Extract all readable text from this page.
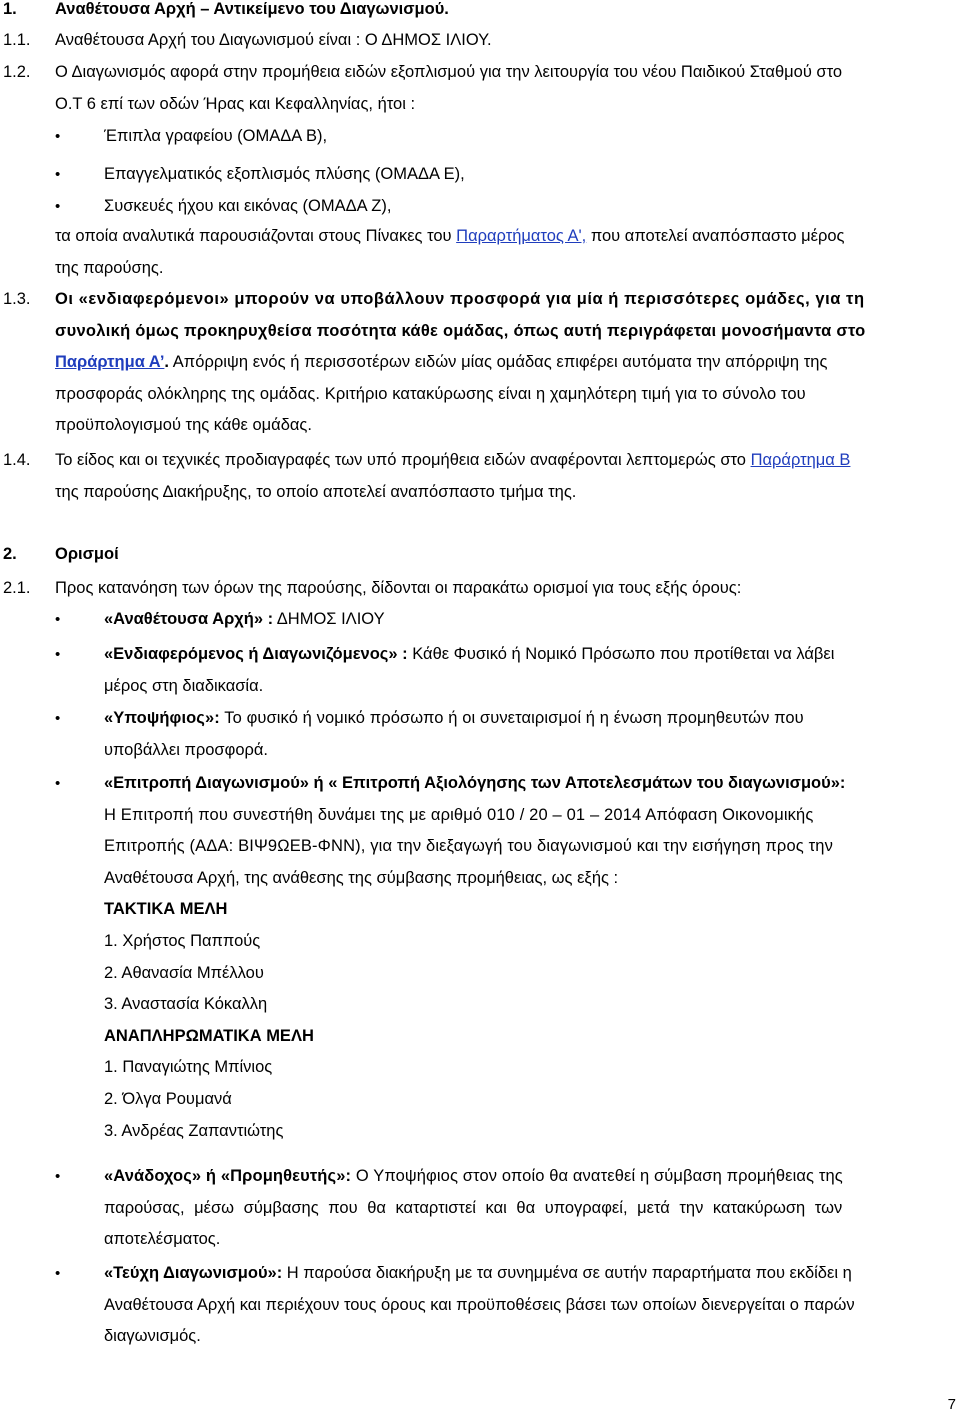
1. Αναθέτουσα Αρχή – Αντικείμενο του Διαγωνισμού.
1.1. Αναθέτουσα Αρχή του Διαγωνισμού είναι : Ο ΔΗΜΟΣ ΙΛΙΟΥ.
1.2. Ο Διαγωνισμός αφορά στην προμήθεια ειδών εξοπλισμού για την λειτουργία του νέου Παιδικού Σταθμού στο
Ο.Τ 6 επί των οδών Ήρας και Κεφαλληνίας, ήτοι :
•
Έπιπλα γραφείου (ΟΜΑΔΑ Β),
•
Επαγγελματικός εξοπλισμός πλύσης (ΟΜΑΔΑ Ε),
•
Συσκευές ήχου και εικόνας (ΟΜΑΔΑ Ζ),
τα οποία αναλυτικά παρουσιάζονται στους Πίνακες του Παραρτήματος Α', που αποτελεί αναπόσπαστο μέρος
της παρούσης.
1.3. Οι «ενδιαφερόμενοι» μπορούν να υποβάλλουν προσφορά για μία ή περισσότερες ομάδες, για τη
συνολική όμως προκηρυχθείσα ποσότητα κάθε ομάδας, όπως αυτή περιγράφεται μονοσήμαντα στο
Παράρτημα Α’. Απόρριψη ενός ή περισσοτέρων ειδών μίας ομάδας επιφέρει αυτόματα την απόρριψη της
προσφοράς ολόκληρης της ομάδας. Κριτήριο κατακύρωσης είναι η χαμηλότερη τιμή για το σύνολο του
προϋπολογισμού της κάθε ομάδας.
1.4. Το είδος και οι τεχνικές προδιαγραφές των υπό προμήθεια ειδών αναφέρονται λεπτομερώς στο Παράρτημα Β
της παρούσης Διακήρυξης, το οποίο αποτελεί αναπόσπαστο τμήμα της.
2. Ορισμοί
2.1. Προς κατανόηση των όρων της παρούσης, δίδονται οι παρακάτω ορισμοί για τους εξής όρους:
•
«Αναθέτουσα Αρχή» : ΔΗΜΟΣ ΙΛΙΟΥ
•
«Ενδιαφερόμενος ή Διαγωνιζόμενος» : Κάθε Φυσικό ή Νομικό Πρόσωπο που προτίθεται να λάβει
μέρος στη διαδικασία.
•
«Υποψήφιος»: Το φυσικό ή νομικό πρόσωπο ή οι συνεταιρισμοί ή η ένωση προμηθευτών που
υποβάλλει προσφορά.
•
«Επιτροπή Διαγωνισμού» ή « Επιτροπή Αξιολόγησης των Αποτελεσμάτων του διαγωνισμού»:
Η Επιτροπή που συνεστήθη δυνάμει της με αριθμό 010 / 20 – 01 – 2014 Απόφαση Οικονομικής
Επιτροπής (ΑΔΑ: ΒΙΨ9ΩΕΒ-ΦΝΝ), για την διεξαγωγή του διαγωνισμού και την εισήγηση προς την
Αναθέτουσα Αρχή, της ανάθεσης της σύμβασης προμήθειας, ως εξής :
ΤΑΚΤΙΚΑ ΜΕΛΗ
1. Χρήστος Παππούς
2. Αθανασία Μπέλλου
3. Αναστασία Κόκαλλη
ΑΝΑΠΛΗΡΩΜΑΤΙΚΑ ΜΕΛΗ
1. Παναγιώτης Μπίνιος
2. Όλγα Ρουμανά
3. Ανδρέας Ζαπαντιώτης
•
«Ανάδοχος» ή «Προμηθευτής»: Ο Υποψήφιος στον οποίο θα ανατεθεί η σύμβαση προμήθειας της
παρούσας, μέσω σύμβασης που θα καταρτιστεί και θα υπογραφεί, μετά την κατακύρωση των
αποτελέσματος.
•
«Τεύχη Διαγωνισμού»: Η παρούσα διακήρυξη με τα συνημμένα σε αυτήν παραρτήματα που εκδίδει η
Αναθέτουσα Αρχή και περιέχουν τους όρους και προϋποθέσεις βάσει των οποίων διενεργείται ο παρών
διαγωνισμός.
7
